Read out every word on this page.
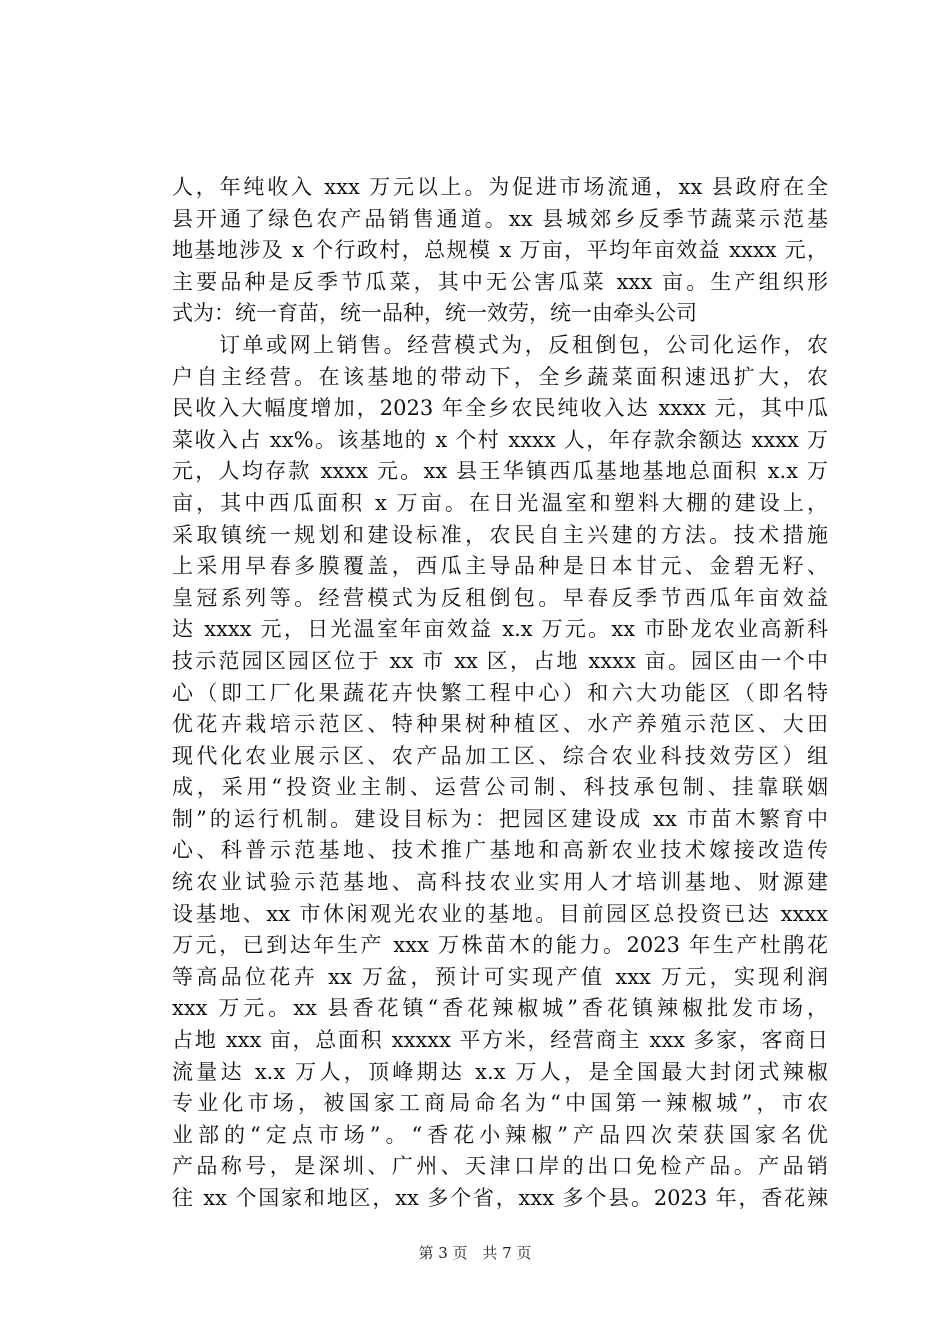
人，年纯收入 xxx 万元以上。为促进市场流通，xx 县政府在全
县开通了绿色农产品销售通道。xx 县城郊乡反季节蔬菜示范基
地基地涉及 x 个行政村，总规模 x 万亩，平均年亩效益 xxxx 元，
主要品种是反季节瓜菜，其中无公害瓜菜 xxx 亩。生产组织形
式为：统一育苗，统一品种，统一效劳，统一由牵头公司
　　订单或网上销售。经营模式为，反租倒包，公司化运作，农
户自主经营。在该基地的带动下，全乡蔬菜面积速迅扩大，农
民收入大幅度增加，2023 年全乡农民纯收入达 xxxx 元，其中瓜
菜收入占 xx%。该基地的 x 个村 xxxx 人，年存款余额达 xxxx 万
元，人均存款 xxxx 元。xx 县王华镇西瓜基地基地总面积 x.x 万
亩，其中西瓜面积 x 万亩。在日光温室和塑料大棚的建设上，
采取镇统一规划和建设标准，农民自主兴建的方法。技术措施
上采用早春多膜覆盖，西瓜主导品种是日本甘元、金碧无籽、
皇冠系列等。经营模式为反租倒包。早春反季节西瓜年亩效益
达 xxxx 元，日光温室年亩效益 x.x 万元。xx 市卧龙农业高新科
技示范园区园区位于 xx 市 xx 区，占地 xxxx 亩。园区由一个中
心（即工厂化果蔬花卉快繁工程中心）和六大功能区（即名特
优花卉栽培示范区、特种果树种植区、水产养殖示范区、大田
现代化农业展示区、农产品加工区、综合农业科技效劳区）组
成，采用“投资业主制、运营公司制、科技承包制、挂靠联姻
制”的运行机制。建设目标为：把园区建设成 xx 市苗木繁育中
心、科普示范基地、技术推广基地和高新农业技术嫁接改造传
统农业试验示范基地、高科技农业实用人才培训基地、财源建
设基地、xx 市休闲观光农业的基地。目前园区总投资已达 xxxx
万元，已到达年生产 xxx 万株苗木的能力。2023 年生产杜鹃花
等高品位花卉 xx 万盆，预计可实现产值 xxx 万元，实现利润
xxx 万元。xx 县香花镇“香花辣椒城”香花镇辣椒批发市场，
占地 xxx 亩，总面积 xxxxx 平方米，经营商主 xxx 多家，客商日
流量达 x.x 万人，顶峰期达 x.x 万人，是全国最大封闭式辣椒
专业化市场，被国家工商局命名为“中国第一辣椒城”，市农
业部的“定点市场”。“香花小辣椒”产品四次荣获国家名优
产品称号，是深圳、广州、天津口岸的出口免检产品。产品销
往 xx 个国家和地区，xx 多个省，xxx 多个县。2023 年，香花辣
第 3 页 共 7 页
